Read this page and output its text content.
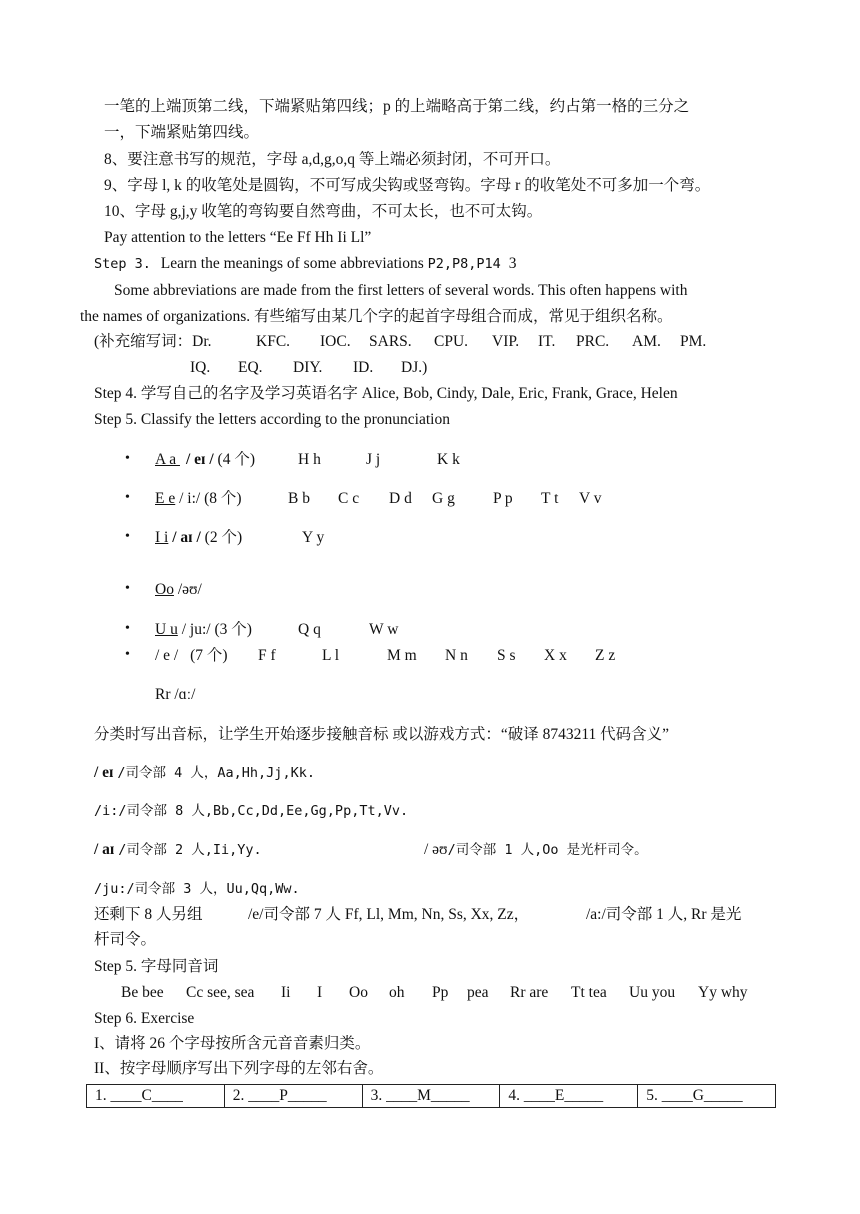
一笔的上端顶第二线，下端紧贴第四线；p 的上端略高于第二线，约占第一格的三分之
一，下端紧贴第四线。
8、要注意书写的规范，字母 a,d,g,o,q 等上端必须封闭，不可开口。
9、字母 l, k 的收笔处是圆钩，不可写成尖钩或竖弯钩。字母 r 的收笔处不可多加一个弯。
10、字母 g,j,y 收笔的弯钩要自然弯曲，不可太长，也不可太钩。
Pay attention to the letters “Ee Ff Hh Ii Ll”
Step 3. Learn the meanings of some abbreviations P2,P8,P14 3
Some abbreviations are made from the first letters of several words. This often happens with
the names of organizations. 有些缩写由某几个字的起首字母组合而成，常见于组织名称。
(补充缩写词：Dr.	KFC. IOC. SARS. CPU. VIP. IT. PRC. AM. PM.
IQ. EQ. DIY. ID. DJ.)
Step 4. 学写自己的名字及学习英语名字 Alice, Bob, Cindy, Dale, Eric, Frank, Grace, Helen
Step 5. Classify the letters according to the pronunciation
• A a / eɪ / (4 个)	H h	J j	K k
• E e / i:/ (8 个)	B b C c D d G g P p T t V v
• I i / aɪ / (2 个)	Y y
• Oo /əʊ/
• U u / ju:/ (3 个)	Q q	W w
• / e / (7 个) F f	L l	M m N n S s X x Z z
Rr /ɑː/
分类时写出音标，让学生开始逐步接触音标 或以游戏方式：“破译 8743211 代码含义”
/ eɪ /司令部 4 人，Aa,Hh,Jj,Kk.
/i:/司令部 8 人,Bb,Cc,Dd,Ee,Gg,Pp,Tt,Vv.
/ aɪ /司令部 2 人,Ii,Yy.	/ əʊ/司令部 1 人,Oo 是光杆司令。
/ju:/司令部 3 人，Uu,Qq,Ww.
还剩下 8 人另组	/e/司令部 7 人 Ff, Ll, Mm, Nn, Ss, Xx, Zz，	/a:/司令部 1 人, Rr 是光
杆司令。
Step 5. 字母同音词
Be bee Cc see, sea Ii I Oo oh Pp pea Rr are Tt tea Uu you Yy why
Step 6. Exercise
I、请将 26 个字母按所含元音音素归类。
II、按字母顺序写出下列字母的左邻右舍。
1. ____C____	2. ____P_____	3. ____M_____	4. ____E_____	5. ____G_____
